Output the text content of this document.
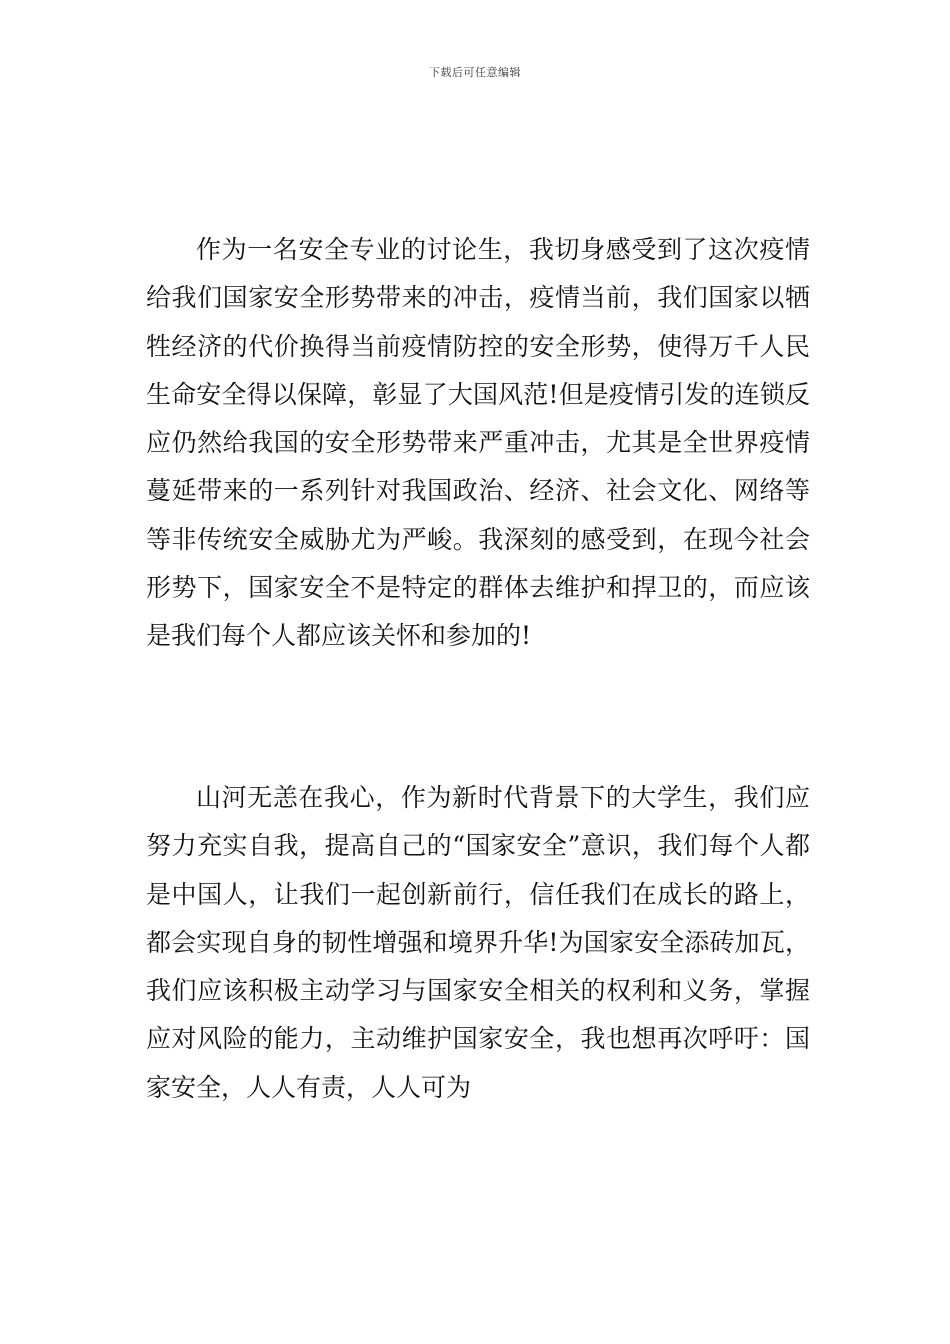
下载后可任意编辑

作为一名安全专业的讨论生，我切身感受到了这次疫情给我们国家安全形势带来的冲击，疫情当前，我们国家以牺牲经济的代价换得当前疫情防控的安全形势，使得万千人民生命安全得以保障，彰显了大国风范!但是疫情引发的连锁反应仍然给我国的安全形势带来严重冲击，尤其是全世界疫情蔓延带来的一系列针对我国政治、经济、社会文化、网络等等非传统安全威胁尤为严峻。我深刻的感受到，在现今社会形势下，国家安全不是特定的群体去维护和捍卫的，而应该是我们每个人都应该关怀和参加的!

山河无恙在我心，作为新时代背景下的大学生，我们应努力充实自我，提高自己的“国家安全”意识，我们每个人都是中国人，让我们一起创新前行，信任我们在成长的路上，都会实现自身的韧性增强和境界升华!为国家安全添砖加瓦，我们应该积极主动学习与国家安全相关的权利和义务，掌握应对风险的能力，主动维护国家安全，我也想再次呼吁：国家安全，人人有责，人人可为
